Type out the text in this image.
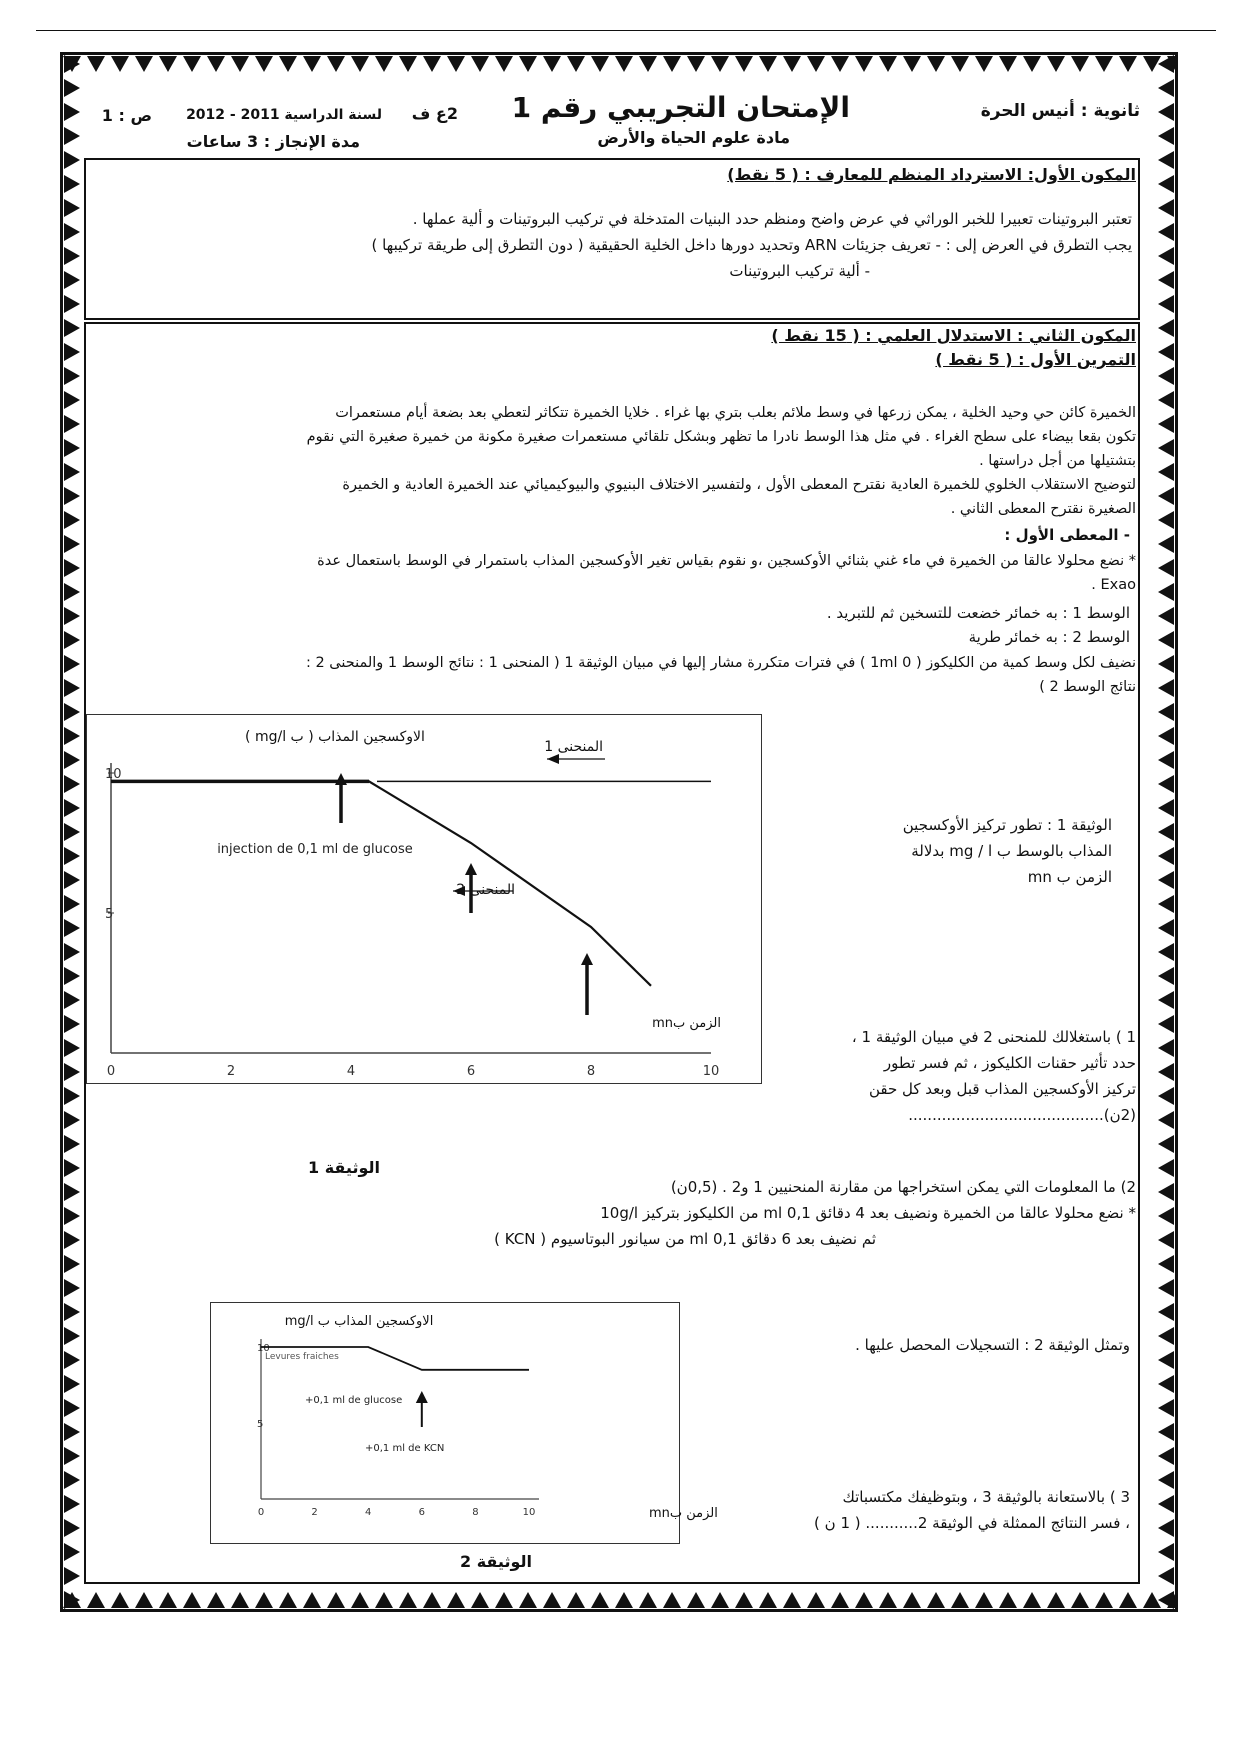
ثانوية : أنيس الحرة
الإمتحان التجريبي رقم 1
مادة علوم الحياة والأرض
2ع ف
لسنة الدراسية 2011 - 2012
ص : 1
مدة الإنجاز : 3 ساعات
المكون الأول: الاسترداد المنظم للمعارف : ( 5 نقط)
تعتبر البروتينات تعبيرا للخبر الوراثي في عرض واضح ومنظم حدد البنيات المتدخلة في تركيب البروتينات و ألية عملها .
يجب التطرق في العرض إلى : - تعريف جزيئات ARN وتحديد دورها داخل الخلية الحقيقية ( دون التطرق إلى طريقة تركيبها )
- ألية تركيب البروتينات
المكون الثاني : الاستدلال العلمي : ( 15 نقط )
التمرين الأول : ( 5 نقط )
الخميرة كائن حي وحيد الخلية ، يمكن زرعها في وسط ملائم بعلب بتري بها غراء . خلايا الخميرة تتكاثر لتعطي بعد بضعة أيام مستعمرات
تكون بقعا بيضاء على سطح الغراء . في مثل هذا الوسط نادرا ما تظهر وبشكل تلقائي مستعمرات صغيرة مكونة من خميرة صغيرة التي نقوم
بتشتيلها من أجل دراستها .
لتوضيح الاستقلاب الخلوي للخميرة العادية نقترح المعطى الأول ، ولتفسير الاختلاف البنيوي والبيوكيميائي عند الخميرة العادية و الخميرة
الصغيرة نقترح المعطى الثاني .
- المعطى الأول :
* نضع محلولا عالقا من الخميرة في ماء غني بثنائي الأوكسجين ،و نقوم بقياس تغير الأوكسجين المذاب باستمرار في الوسط باستعمال عدة
Exao .
الوسط 1 : به خمائر خضعت للتسخين ثم للتبريد .
الوسط 2 : به خمائر طرية
نضيف لكل وسط كمية من الكليكوز ( 0 1ml ) في فترات متكررة مشار إليها في مبيان الوثيقة 1 ( المنحنى 1 : نتائج الوسط 1 والمنحنى 2 :
نتائج الوسط 2 )
0	2	4	6	8	10
5
10
الاوكسجين المذاب ( ب mg/l )
الزمن بmn
injection de 0,1 ml de glucose
المنحنى 1
المنحنى
الوثيقة 1 : تطور تركيز الأوكسجين
المذاب بالوسط ب mg / l بدلالة
الزمن ب mn
1 ) باستغلالك للمنحنى 2 في مبيان الوثيقة 1 ،
حدد تأثير حقنات الكليكوز ، ثم فسر تطور
تركيز الأوكسجين المذاب قبل وبعد كل حقن
(2ن).........................................
الوثيقة 1
2) ما المعلومات التي يمكن استخراجها من مقارنة المنحنيين 1 و2 . (0,5ن)
* نضع محلولا عالقا من الخميرة ونضيف بعد 4 دقائق 0,1 ml من الكليكوز بتركيز 10g/l
ثم نضيف بعد 6 دقائق 0,1 ml من سيانور البوتاسيوم ( KCN )
0	2	4	6	8	10
5
10
الاوكسجين المذاب ب mg/l
الزمن بmn
Levures fraiches
+0,1 ml de glucose
+0,1 ml de KCN
وتمثل الوثيقة 2 : التسجيلات المحصل عليها .
3 ) بالاستعانة بالوثيقة 3 ، وبتوظيفك مكتسباتك
، فسر النتائج الممثلة في الوثيقة 2........... ( 1 ن )
الوثيقة 2
